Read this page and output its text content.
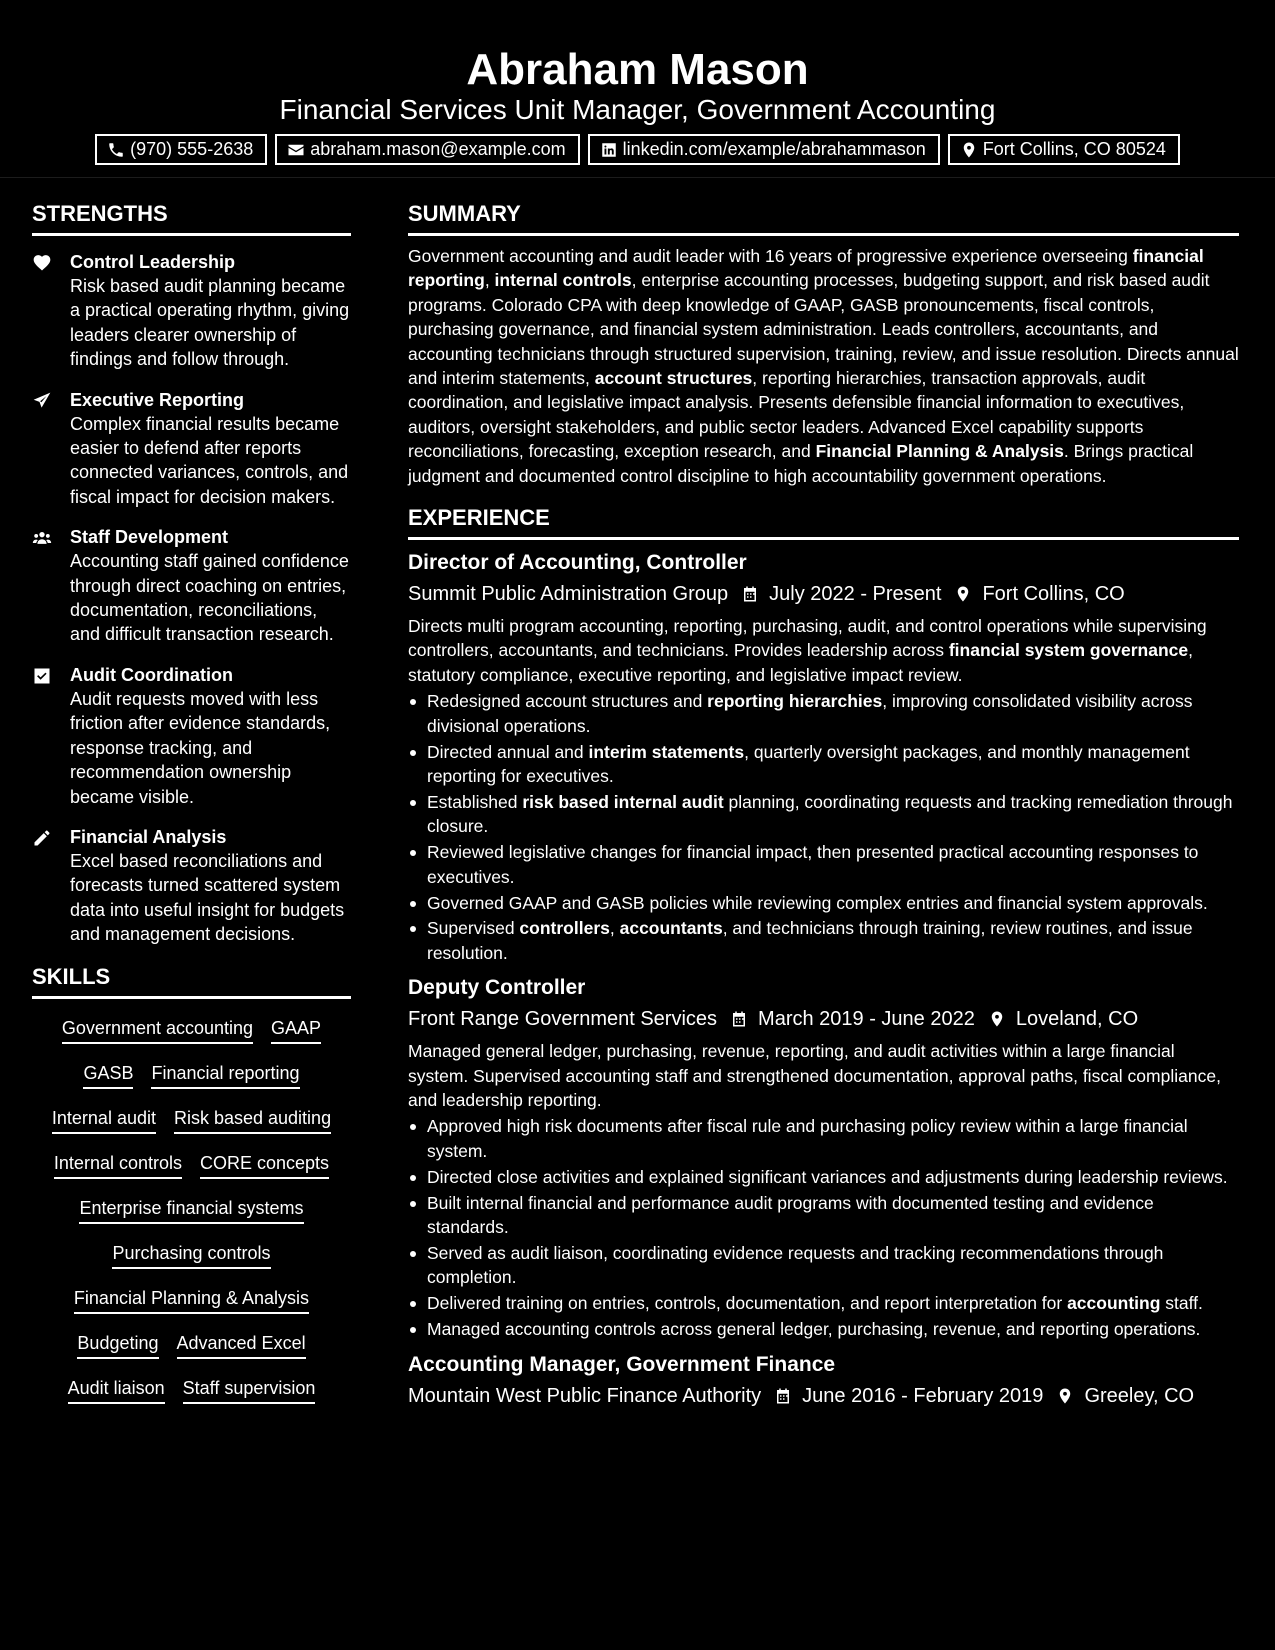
Abraham Mason
Financial Services Unit Manager, Government Accounting
(970) 555-2638	abraham.mason@example.com	linkedin.com/example/abrahammason	Fort Collins, CO 80524
STRENGTHS
Control Leadership
Risk based audit planning became a practical operating rhythm, giving leaders clearer ownership of findings and follow through.
Executive Reporting
Complex financial results became easier to defend after reports connected variances, controls, and fiscal impact for decision makers.
Staff Development
Accounting staff gained confidence through direct coaching on entries, documentation, reconciliations, and difficult transaction research.
Audit Coordination
Audit requests moved with less friction after evidence standards, response tracking, and recommendation ownership became visible.
Financial Analysis
Excel based reconciliations and forecasts turned scattered system data into useful insight for budgets and management decisions.
SKILLS
Government accounting GAAP
GASB Financial reporting
Internal audit Risk based auditing
Internal controls CORE concepts
Enterprise financial systems
Purchasing controls
Financial Planning & Analysis
Budgeting Advanced Excel
Audit liaison Staff supervision
SUMMARY

Government accounting and audit leader with 16 years of progressive experience overseeing financial reporting, internal controls, enterprise accounting processes, budgeting support, and risk based audit programs. Colorado CPA with deep knowledge of GAAP, GASB pronouncements, fiscal controls, purchasing governance, and financial system administration. Leads controllers, accountants, and accounting technicians through structured supervision, training, review, and issue resolution. Directs annual and interim statements, account structures, reporting hierarchies, transaction approvals, audit coordination, and legislative impact analysis. Presents defensible financial information to executives, auditors, oversight stakeholders, and public sector leaders. Advanced Excel capability supports reconciliations, forecasting, exception research, and Financial Planning & Analysis. Brings practical judgment and documented control discipline to high accountability government operations.

EXPERIENCE
Director of Accounting, Controller
Summit Public Administration Group July 2022 - Present Fort Collins, CO

Directs multi program accounting, reporting, purchasing, audit, and control operations while supervising controllers, accountants, and technicians. Provides leadership across financial system governance, statutory compliance, executive reporting, and legislative impact review.

Redesigned account structures and reporting hierarchies, improving consolidated visibility across divisional operations.
Directed annual and interim statements, quarterly oversight packages, and monthly management reporting for executives.
Established risk based internal audit planning, coordinating requests and tracking remediation through closure.
Reviewed legislative changes for financial impact, then presented practical accounting responses to executives.
Governed GAAP and GASB policies while reviewing complex entries and financial system approvals.
Supervised controllers, accountants, and technicians through training, review routines, and issue resolution.
Deputy Controller
Front Range Government Services March 2019 - June 2022 Loveland, CO

Managed general ledger, purchasing, revenue, reporting, and audit activities within a large financial system. Supervised accounting staff and strengthened documentation, approval paths, fiscal compliance, and leadership reporting.

Approved high risk documents after fiscal rule and purchasing policy review within a large financial system.
Directed close activities and explained significant variances and adjustments during leadership reviews.
Built internal financial and performance audit programs with documented testing and evidence standards.
Served as audit liaison, coordinating evidence requests and tracking recommendations through completion.
Delivered training on entries, controls, documentation, and report interpretation for accounting staff.
Managed accounting controls across general ledger, purchasing, revenue, and reporting operations.
Accounting Manager, Government Finance
Mountain West Public Finance Authority June 2016 - February 2019 Greeley, CO
